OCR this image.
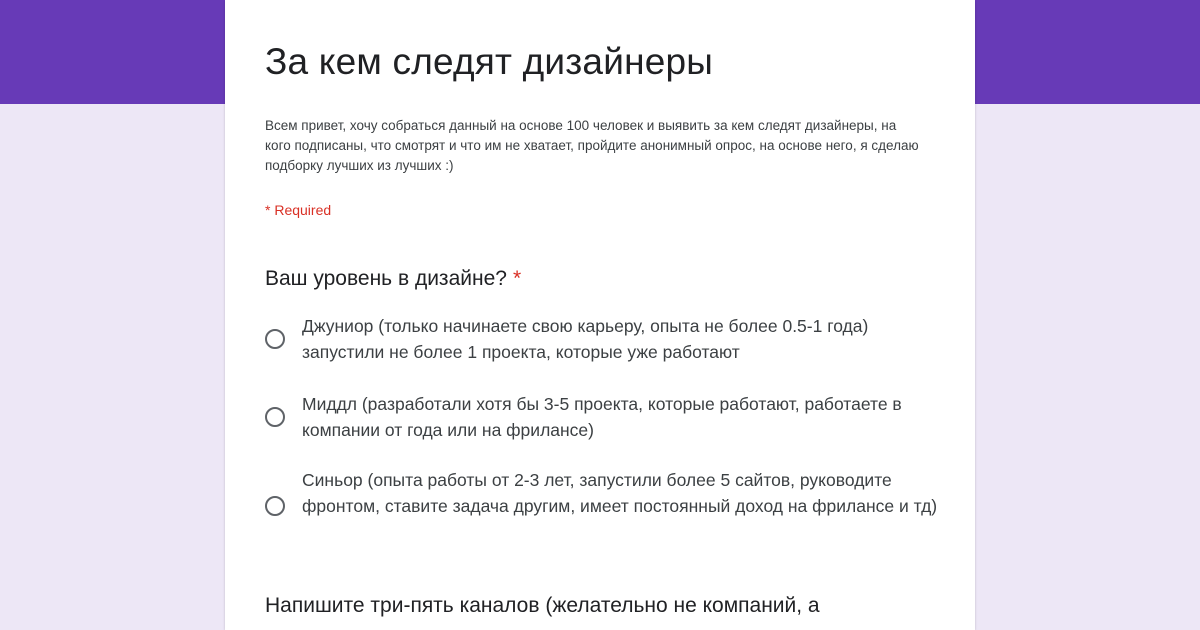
За кем следят дизайнеры

Всем привет, хочу собраться данный на основе 100 человек и выявить за кем следят дизайнеры, на кого подписаны, что смотрят и что им не хватает, пройдите анонимный опрос, на основе него, я сделаю подборку лучших из лучших :)

* Required
Ваш уровень в дизайне? *
Джуниор (только начинаете свою карьеру, опыта не более 0.5-1 года) запустили не более 1 проекта, которые уже работают
Миддл (разработали хотя бы 3-5 проекта, которые работают, работаете в компании от года или на фрилансе)
Синьор (опыта работы от 2-3 лет, запустили более 5 сайтов, руководите фронтом, ставите задача другим, имеет постоянный доход на фрилансе и тд)
Напишите три-пять каналов (желательно не компаний, а
